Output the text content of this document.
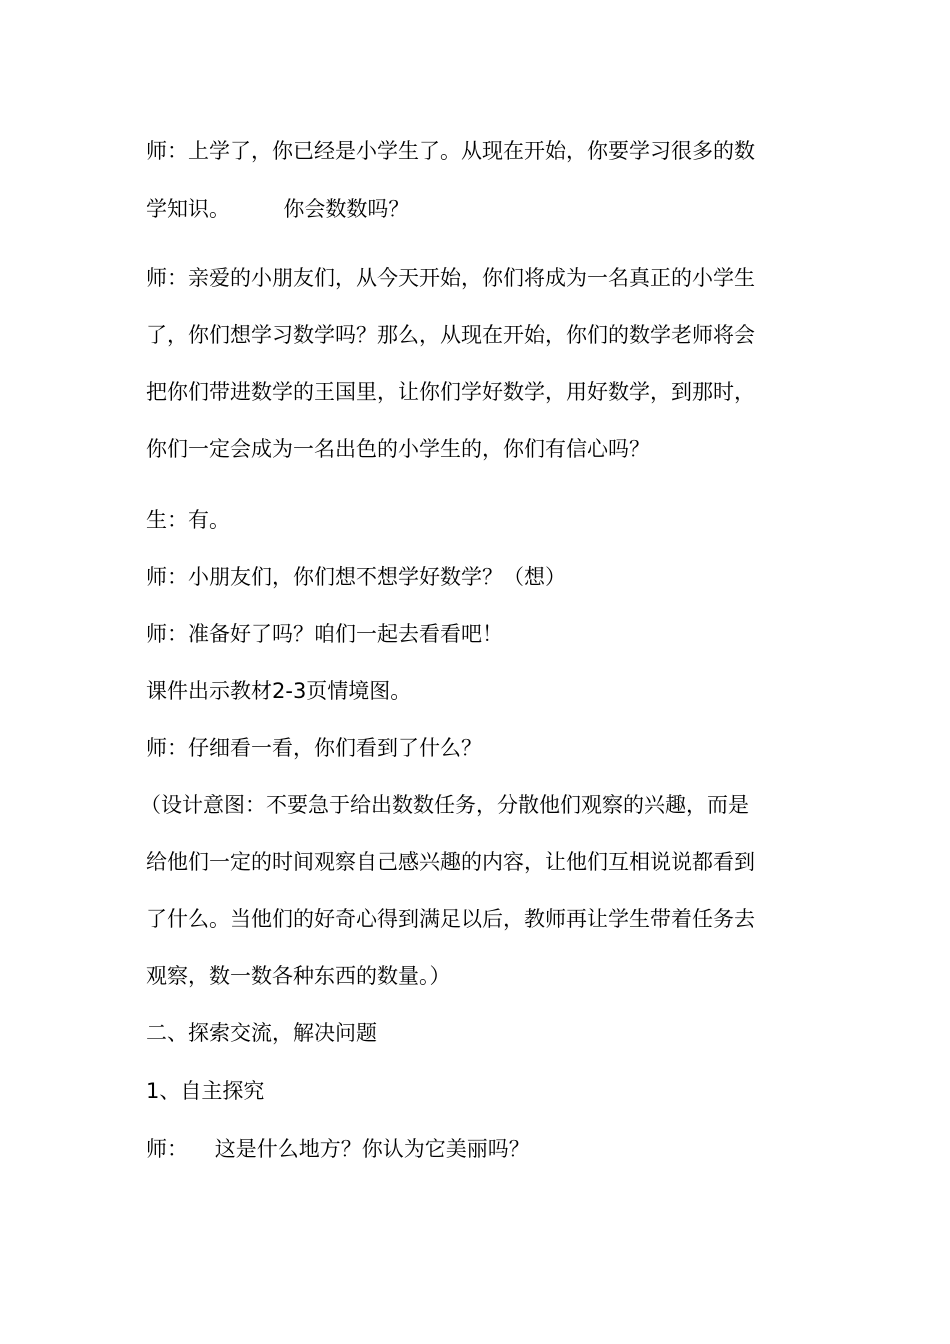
师：上学了，你已经是小学生了。从现在开始，你要学习很多的数

学知识。        你会数数吗？

师：亲爱的小朋友们，从今天开始，你们将成为一名真正的小学生

了，你们想学习数学吗？那么，从现在开始，你们的数学老师将会

把你们带进数学的王国里，让你们学好数学，用好数学，到那时，

你们一定会成为一名出色的小学生的，你们有信心吗？

生：有。

师：小朋友们，你们想不想学好数学？（想）

师：准备好了吗？咱们一起去看看吧！

课件出示教材2-3页情境图。

师：仔细看一看，你们看到了什么？

（设计意图：不要急于给出数数任务，分散他们观察的兴趣，而是

给他们一定的时间观察自己感兴趣的内容，让他们互相说说都看到

了什么。当他们的好奇心得到满足以后，教师再让学生带着任务去

观察，数一数各种东西的数量。）

二、探索交流，解决问题

1、自主探究

师：    这是什么地方？你认为它美丽吗？
